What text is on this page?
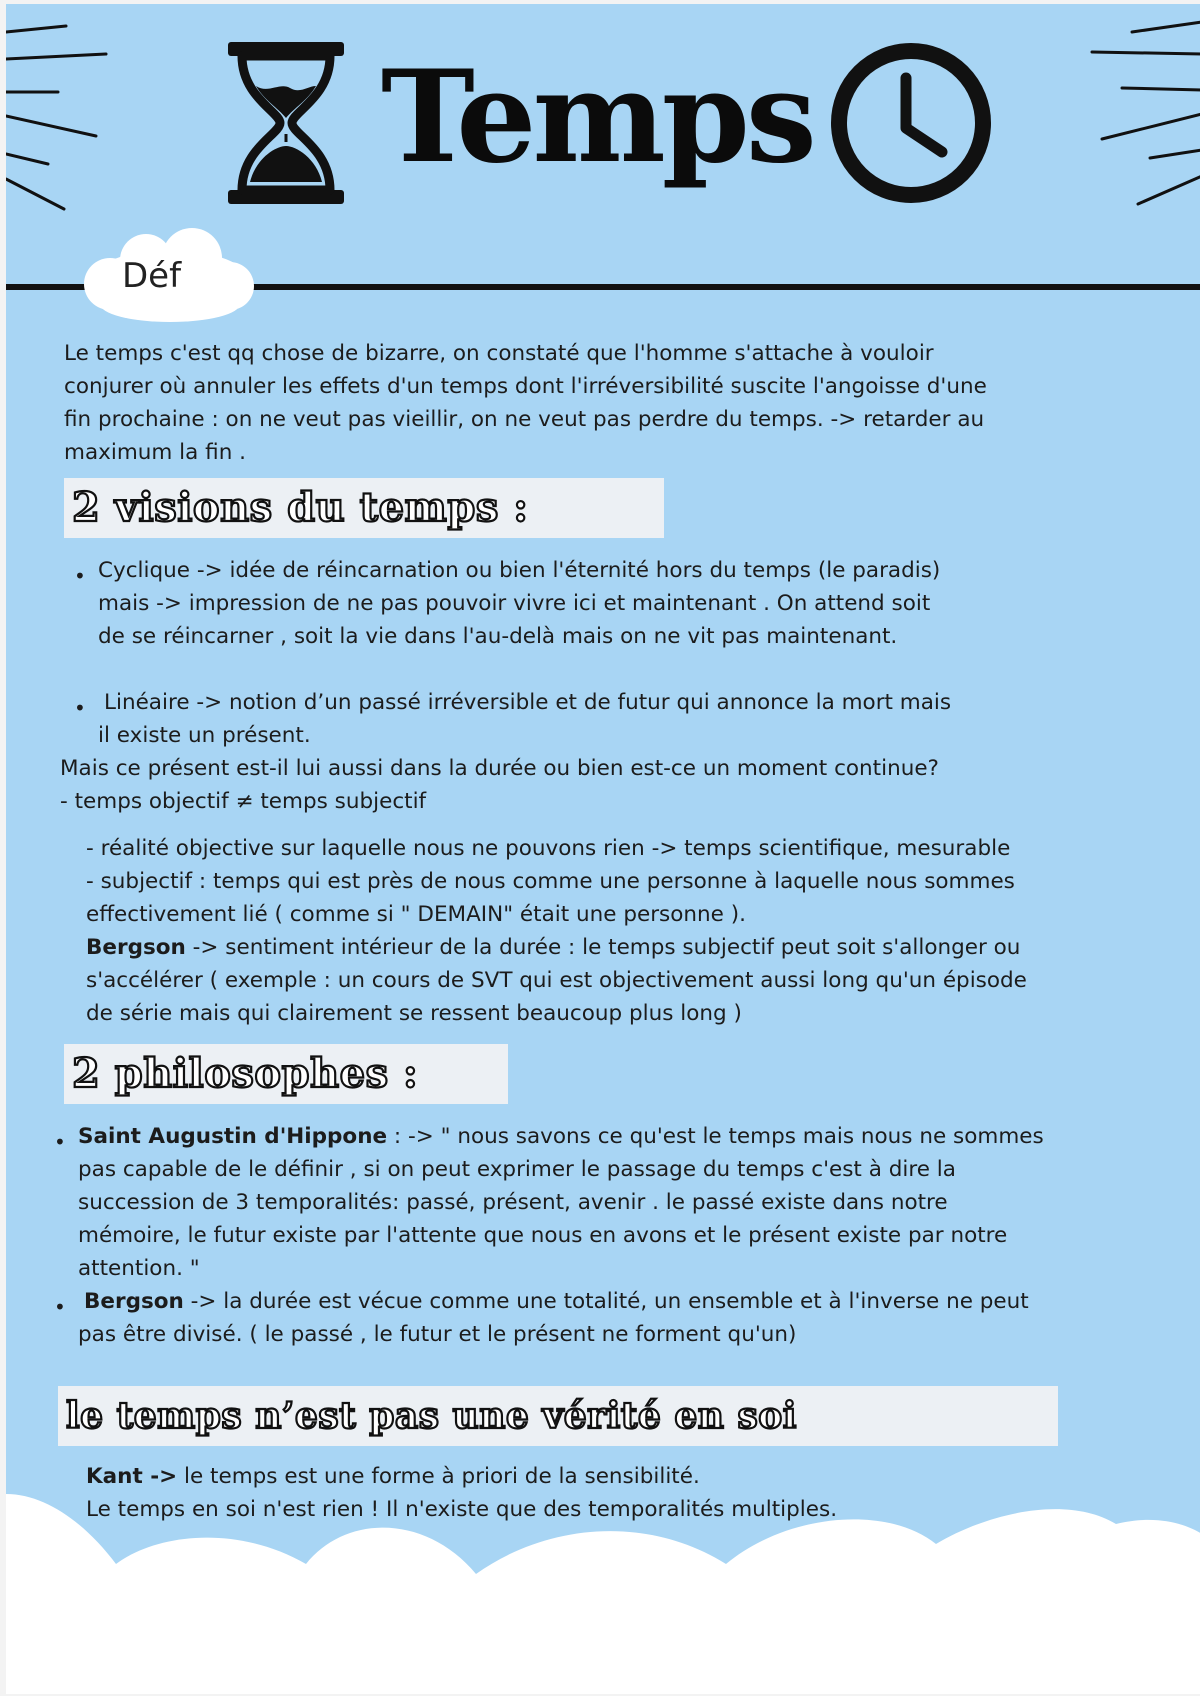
Temps
Déf
Le temps c'est qq chose de bizarre, on constaté que l'homme s'attache à vouloir
conjurer où annuler les effets d'un temps dont l'irréversibilité suscite l'angoisse d'une
fin prochaine : on ne veut pas vieillir, on ne veut pas perdre du temps. -> retarder au
maximum la fin .
2 visions du temps :
• Cyclique -> idée de réincarnation ou bien l'éternité hors du temps (le paradis)
mais -> impression de ne pas pouvoir vivre ici et maintenant . On attend soit
de se réincarner , soit la vie dans l'au-delà mais on ne vit pas maintenant.
• Linéaire -> notion d’un passé irréversible et de futur qui annonce la mort mais
il existe un présent.
Mais ce présent est-il lui aussi dans la durée ou bien est-ce un moment continue?
- temps objectif ≠ temps subjectif
- réalité objective sur laquelle nous ne pouvons rien -> temps scientifique, mesurable
- subjectif : temps qui est près de nous comme une personne à laquelle nous sommes
effectivement lié ( comme si " DEMAIN" était une personne ).
Bergson -> sentiment intérieur de la durée : le temps subjectif peut soit s'allonger ou
s'accélérer ( exemple : un cours de SVT qui est objectivement aussi long qu'un épisode
de série mais qui clairement se ressent beaucoup plus long )
2 philosophes :
• Saint Augustin d'Hippone : -> " nous savons ce qu'est le temps mais nous ne sommes
pas capable de le définir , si on peut exprimer le passage du temps c'est à dire la
succession de 3 temporalités: passé, présent, avenir . le passé existe dans notre
mémoire, le futur existe par l'attente que nous en avons et le présent existe par notre
attention. "
• Bergson -> la durée est vécue comme une totalité, un ensemble et à l'inverse ne peut
pas être divisé. ( le passé , le futur et le présent ne forment qu'un)
le temps n’est pas une vérité en soi
Kant -> le temps est une forme à priori de la sensibilité.
Le temps en soi n'est rien ! Il n'existe que des temporalités multiples.
